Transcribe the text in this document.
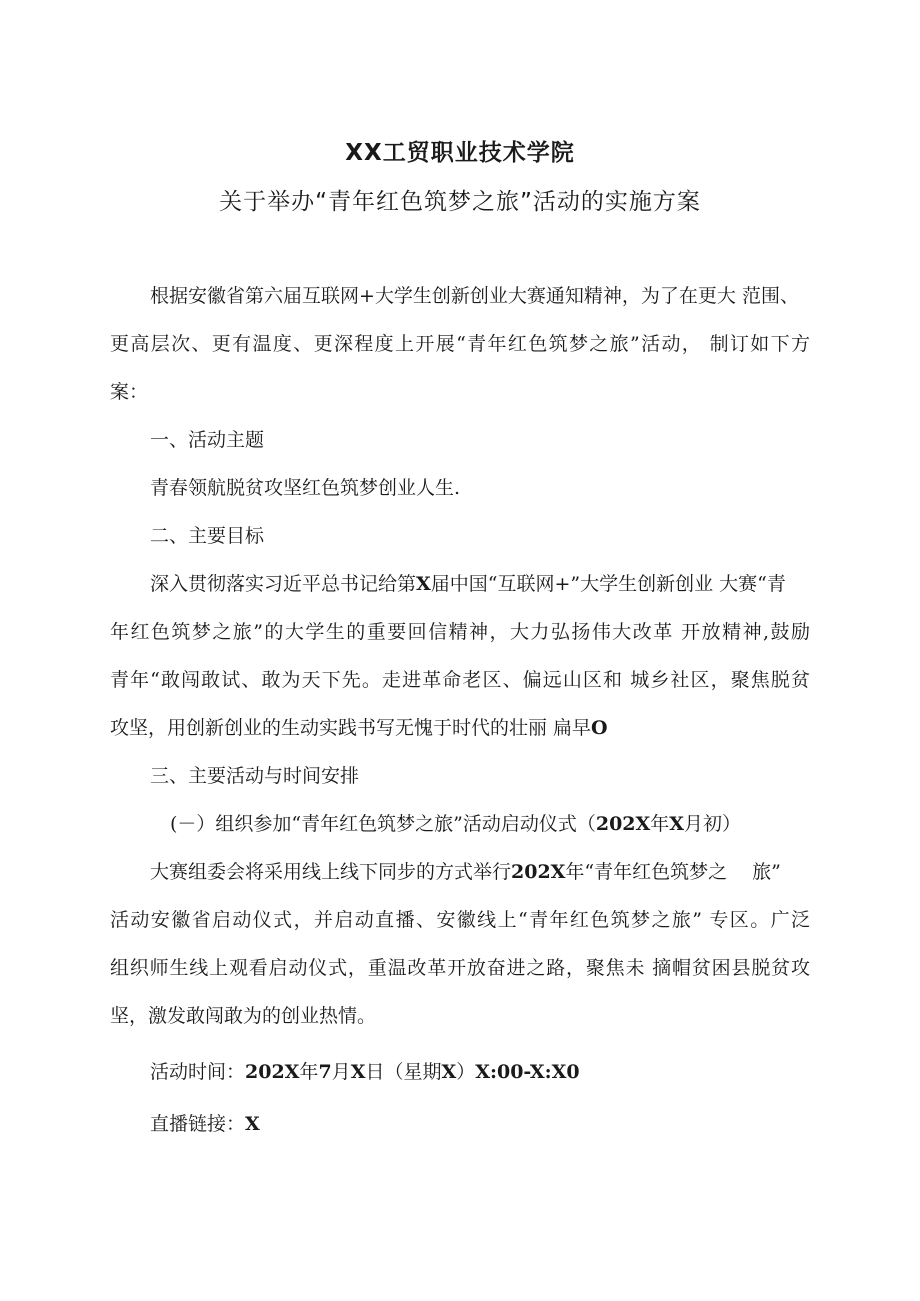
XX工贸职业技术学院
关于举办“青年红色筑梦之旅”活动的实施方案
根据安徽省第六届互联网+大学生创新创业大赛通知精神，为了在更大 范围、
更高层次、更有温度、更深程度上开展“青年红色筑梦之旅”活动， 制订如下方
案：
一、活动主题
青春领航脱贫攻坚红色筑梦创业人生.
二、主要目标
深入贯彻落实习近平总书记给第X届中国“互联网+”大学生创新创业 大赛“青
年红色筑梦之旅”的大学生的重要回信精神，大力弘扬伟大改革 开放精神,鼓励
青年“敢闯敢试、敢为天下先。走进革命老区、偏远山区和 城乡社区，聚焦脱贫
攻坚，用创新创业的生动实践书写无愧于时代的壮丽 扁早O
三、主要活动与时间安排
(－）组织参加“青年红色筑梦之旅”活动启动仪式（202X年X月初）
大赛组委会将采用线上线下同步的方式举行202X年“青年红色筑梦之　 旅”
活动安徽省启动仪式，并启动直播、安徽线上“青年红色筑梦之旅” 专区。广泛
组织师生线上观看启动仪式，重温改革开放奋进之路，聚焦未 摘帽贫困县脱贫攻
坚，激发敢闯敢为的创业热情。
活动时间：202X年7月X日（星期X）X:00-X:X0
直播链接：X
